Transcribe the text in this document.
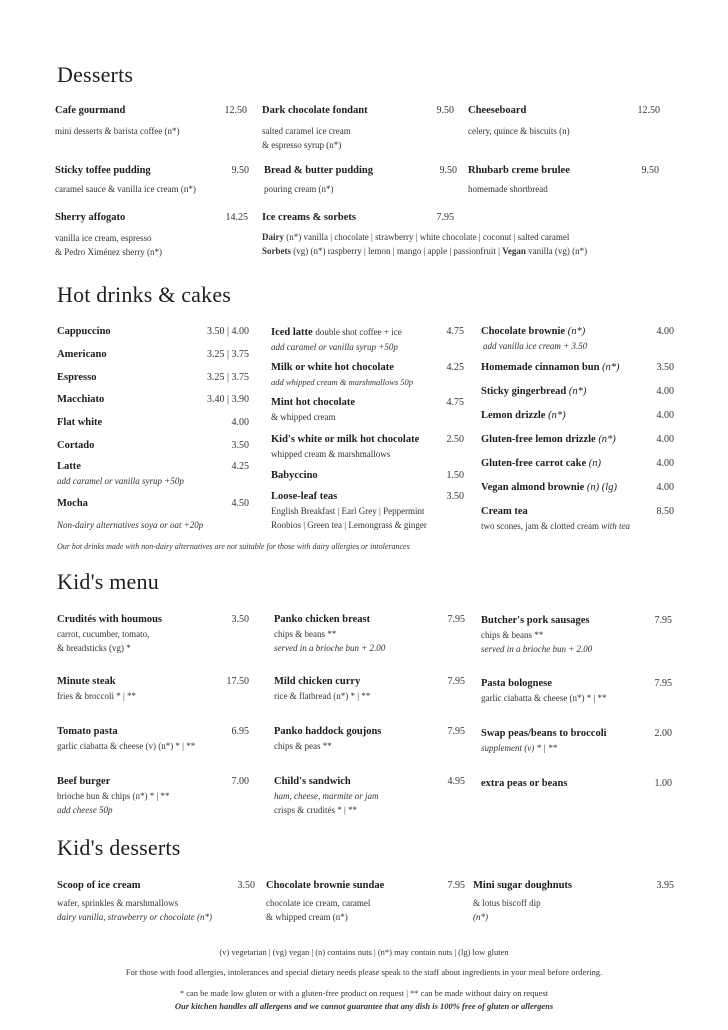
Desserts
Cafe gourmand	12.50
mini desserts & barista coffee (n*)
Dark chocolate fondant	9.50
salted caramel ice cream
& espresso syrup (n*)
Cheeseboard	12.50
celery, quince & biscuits (n)
Sticky toffee pudding	9.50
caramel sauce & vanilla ice cream (n*)
Bread & butter pudding	9.50
pouring cream (n*)
Rhubarb creme brulee	9.50
homemade shortbread
Sherry affogato	14.25
vanilla ice cream, espresso
& Pedro Ximénez sherry (n*)
Ice creams & sorbets	7.95
Dairy (n*) vanilla | chocolate | strawberry | white chocolate | coconut | salted caramel
Sorbets (vg) (n*) raspberry | lemon | mango | apple | passionfruit | Vegan vanilla (vg) (n*)
Hot drinks & cakes
Cappuccino	3.50 | 4.00
Americano	3.25 | 3.75
Espresso	3.25 | 3.75
Macchiato	3.40 | 3.90
Flat white	4.00
Cortado	3.50
Latte	4.25
add caramel or vanilla syrup +50p
Mocha	4.50
Non-dairy alternatives soya or oat +20p
Iced latte double shot coffee + ice	4.75
add caramel or vanilla syrup +50p
Milk or white hot chocolate	4.25
add whipped cream & marshmallows 50p
Mint hot chocolate	4.75
& whipped cream
Kid's white or milk hot chocolate	2.50
whipped cream & marshmallows
Babyccino	1.50
Loose-leaf teas	3.50
English Breakfast | Earl Grey | Peppermint
Roobios | Green tea | Lemongrass & ginger
Chocolate brownie (n*)	4.00
add vanilla ice cream + 3.50
Homemade cinnamon bun (n*)	3.50
Sticky gingerbread (n*)	4.00
Lemon drizzle (n*)	4.00
Gluten-free lemon drizzle (n*)	4.00
Gluten-free carrot cake (n)	4.00
Vegan almond brownie (n) (lg)	4.00
Cream tea	8.50
two scones, jam & clotted cream with tea
Our hot drinks made with non-dairy alternatives are not suitable for those with dairy allergies or intolerances
Kid's menu
Crudités with houmous	3.50
carrot, cucumber, tomato,
& breadsticks (vg) *
Panko chicken breast	7.95
chips & beans **
served in a brioche bun + 2.00
Butcher's pork sausages	7.95
chips & beans **
served in a brioche bun + 2.00
Minute steak	17.50
fries & broccoli * | **
Mild chicken curry	7.95
rice & flatbread (n*) * | **
Pasta bolognese	7.95
garlic ciabatta & cheese (n*) * | **
Tomato pasta	6.95
garlic ciabatta & cheese (v) (n*) * | **
Panko haddock goujons	7.95
chips & peas **
Swap peas/beans to broccoli	2.00
supplement (v) * | **
Beef burger	7.00
brioche bun & chips (n*) * | **
add cheese 50p
Child's sandwich	4.95
ham, cheese, marmite or jam
crisps & crudités * | **
extra peas or beans	1.00
Kid's desserts
Scoop of ice cream	3.50
wafer, sprinkles & marshmallows
dairy vanilla, strawberry or chocolate (n*)
Chocolate brownie sundae	7.95
chocolate ice cream, caramel
& whipped cream (n*)
Mini sugar doughnuts	3.95
& lotus biscoff dip
(n*)
(v) vegetarian | (vg) vegan | (n) contains nuts | (n*) may contain nuts | (lg) low gluten
For those with food allergies, intolerances and special dietary needs please speak to the staff about ingredients in your meal before ordering.
* can be made low gluten or with a gluten-free product on request | ** can be made without dairy on request
Our kitchen handles all allergens and we cannot guarantee that any dish is 100% free of gluten or allergens
